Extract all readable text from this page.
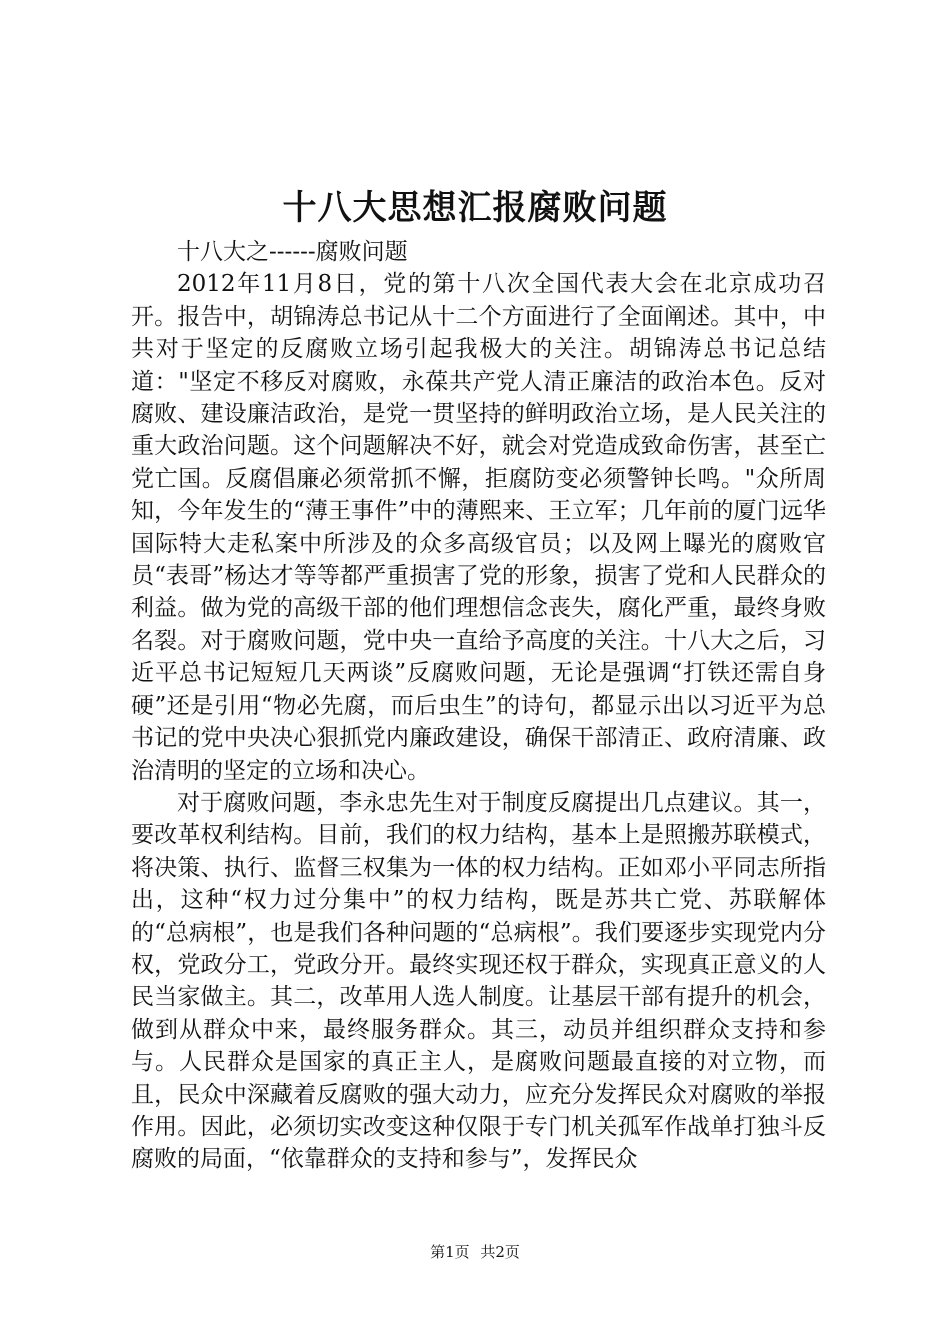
十八大思想汇报腐败问题

十八大之------腐败问题

2012年11月8日，党的第十八次全国代表大会在北京成功召开。报告中，胡锦涛总书记从十二个方面进行了全面阐述。其中，中共对于坚定的反腐败立场引起我极大的关注。胡锦涛总书记总结道："坚定不移反对腐败，永葆共产党人清正廉洁的政治本色。反对腐败、建设廉洁政治，是党一贯坚持的鲜明政治立场，是人民关注的重大政治问题。这个问题解决不好，就会对党造成致命伤害，甚至亡党亡国。反腐倡廉必须常抓不懈，拒腐防变必须警钟长鸣。"众所周知，今年发生的“薄王事件”中的薄熙来、王立军；几年前的厦门远华国际特大走私案中所涉及的众多高级官员；以及网上曝光的腐败官员“表哥”杨达才等等都严重损害了党的形象，损害了党和人民群众的利益。做为党的高级干部的他们理想信念丧失，腐化严重，最终身败名裂。对于腐败问题，党中央一直给予高度的关注。十八大之后，习近平总书记短短几天两谈”反腐败问题，无论是强调“打铁还需自身硬”还是引用“物必先腐，而后虫生”的诗句，都显示出以习近平为总书记的党中央决心狠抓党内廉政建设，确保干部清正、政府清廉、政治清明的坚定的立场和决心。

对于腐败问题，李永忠先生对于制度反腐提出几点建议。其一，要改革权利结构。目前，我们的权力结构，基本上是照搬苏联模式，将决策、执行、监督三权集为一体的权力结构。正如邓小平同志所指出，这种“权力过分集中”的权力结构，既是苏共亡党、苏联解体的“总病根”，也是我们各种问题的“总病根”。我们要逐步实现党内分权，党政分工，党政分开。最终实现还权于群众，实现真正意义的人民当家做主。其二，改革用人选人制度。让基层干部有提升的机会，做到从群众中来，最终服务群众。其三，动员并组织群众支持和参与。人民群众是国家的真正主人，是腐败问题最直接的对立物，而且，民众中深藏着反腐败的强大动力，应充分发挥民众对腐败的举报作用。因此，必须切实改变这种仅限于专门机关孤军作战单打独斗反腐败的局面，“依靠群众的支持和参与”，发挥民众

第1页 共2页
